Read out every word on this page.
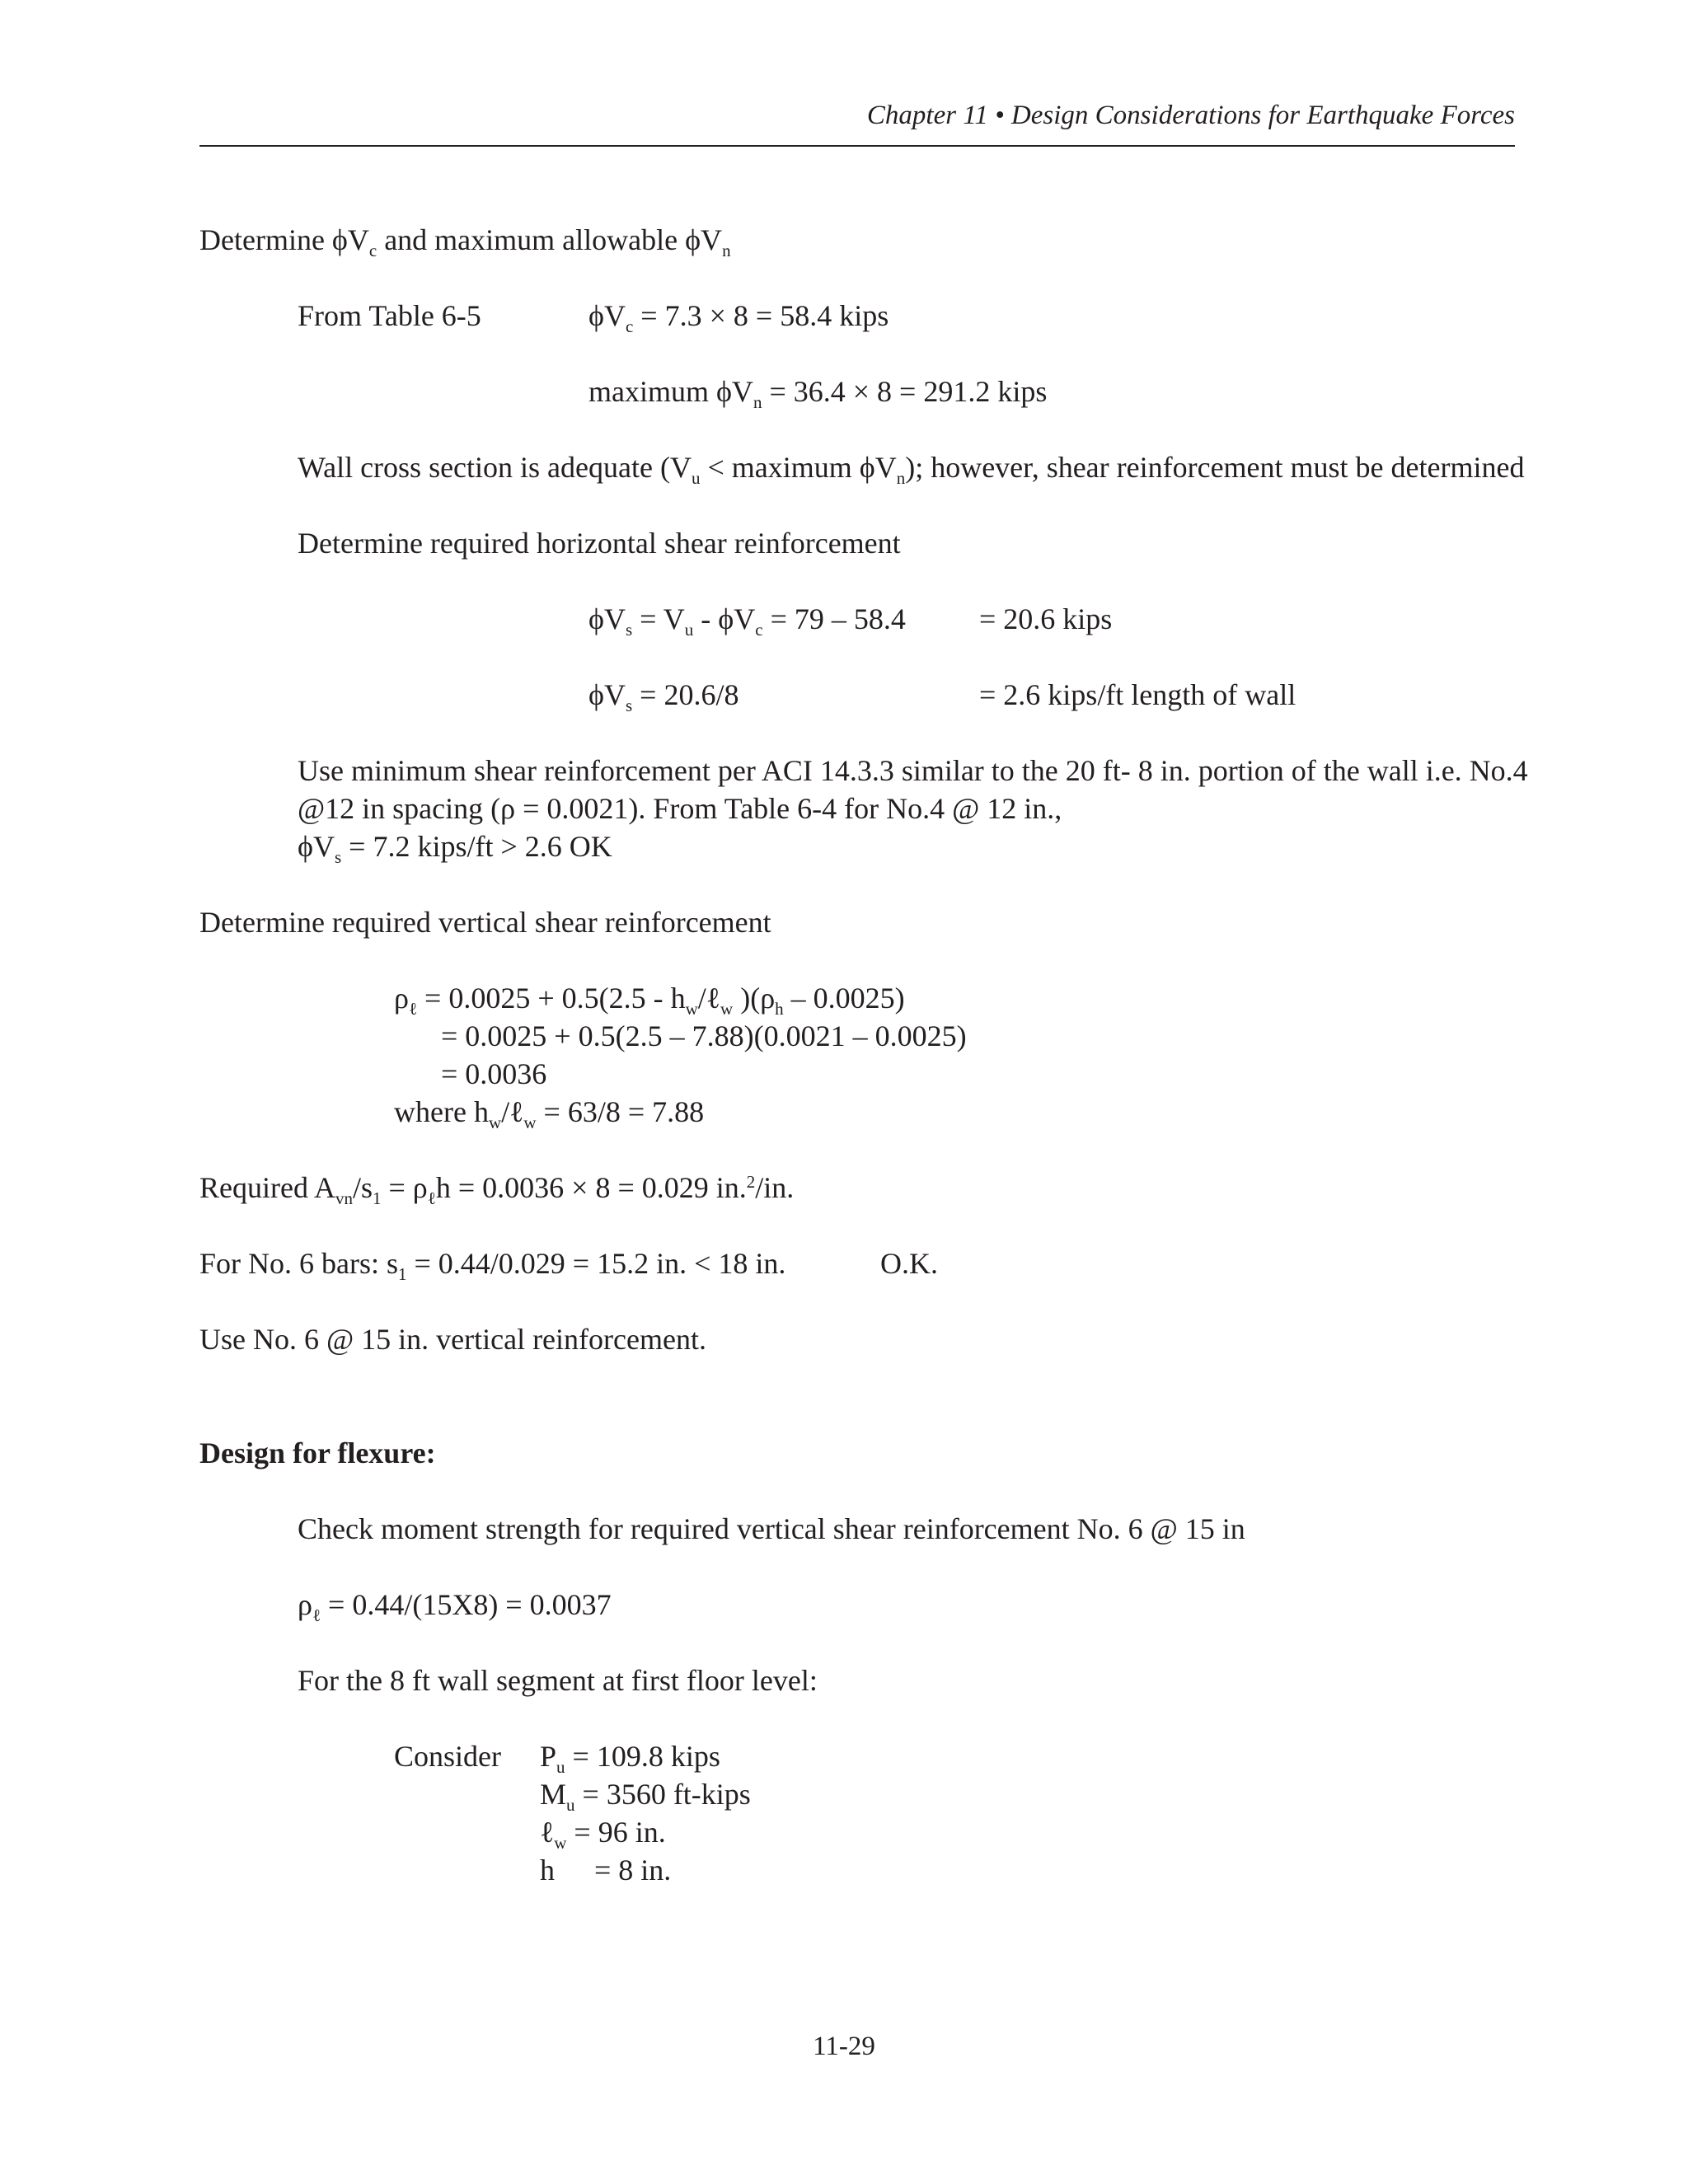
Chapter 11 • Design Considerations for Earthquake Forces
Determine $\phi V_c$ and maximum allowable $\phi V_n$
From Table 6-5	$\phi V_c = 7.3 \times 8 = 58.4$ kips
maximum $\phi V_n = 36.4 \times 8 = 291.2$ kips
Wall cross section is adequate ($V_u$ < maximum $\phi V_n$); however, shear reinforcement must be determined
Determine required horizontal shear reinforcement
$\phi V_s = V_u - \phi V_c = 79 - 58.4 = 20.6$ kips
$\phi V_s = 20.6/8$	= 2.6 kips/ft length of wall
Use minimum shear reinforcement per ACI 14.3.3 similar to the 20 ft- 8 in. portion of the wall i.e. No.4
@12 in spacing (ρ = 0.0021). From Table 6-4 for No.4 @ 12 in.,
$\phi V_s = 7.2$ kips/ft > 2.6 OK
Determine required vertical shear reinforcement
$\rho_\ell = 0.0025 + 0.5(2.5$ - $h_w/\ell_w$ )$(\rho_h - 0.0025)$
= 0.0025 + 0.5(2.5 – 7.88)(0.0021 – 0.0025)
= 0.0036
where $h_w/\ell_w = 63/8 = 7.88$
Required $A_{vn}/s_1 = \rho_\ell h = 0.0036 \times 8 = 0.029$ in.$^2$/in.
For No. 6 bars: $s_1 = 0.44/0.029 = 15.2$ in. < 18 in.	O.K.
Use No. 6 @ 15 in. vertical reinforcement.
Design for flexure:
Check moment strength for required vertical shear reinforcement No. 6 @ 15 in
$\rho_\ell = 0.44/(15X8) = 0.0037$
For the 8 ft wall segment at first floor level:
Consider $P_u = 109.8$ kips
$M_u = 3560$ ft-kips
ℓ$_w$ = 96 in.
h = 8 in.
11-29
